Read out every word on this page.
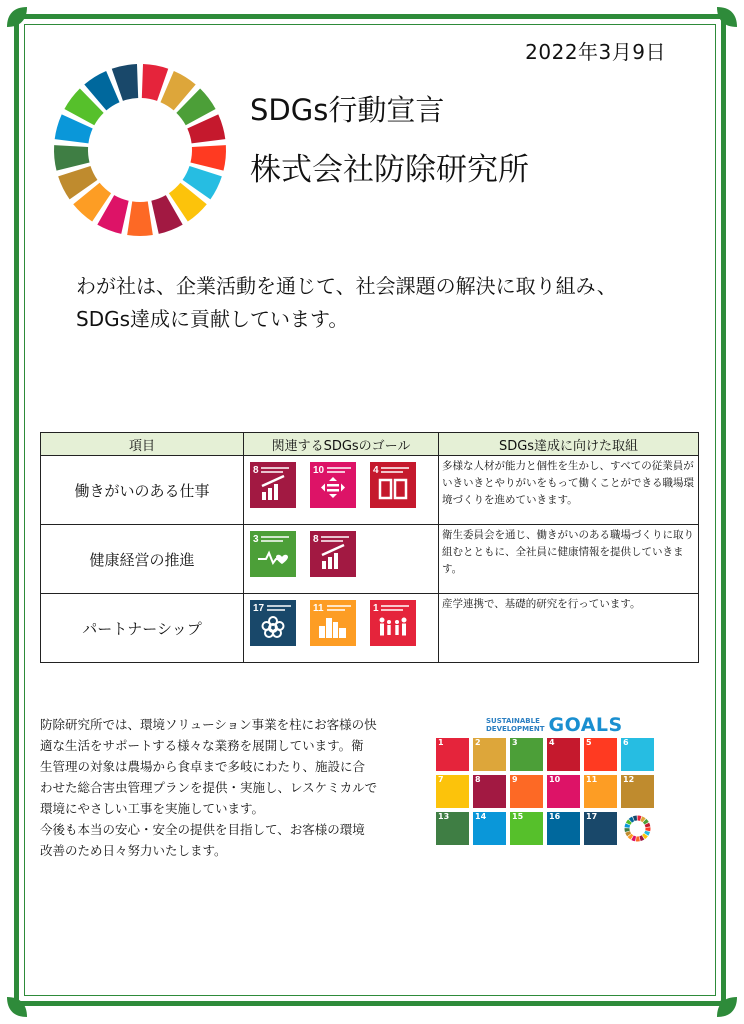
2022年3月9日
SDGs行動宣言
株式会社防除研究所
わが社は、企業活動を通じて、社会課題の解決に取り組み、
SDGs達成に貢献しています。
項目	関連するSDGsのゴール	SDGs達成に向けた取組
働きがいのある仕事	8 10 4	多様な人材が能力と個性を生かし、すべての従業員がいきいきとやりがいをもって働くことができる職場環境づくりを進めていきます。
健康経営の推進	3 8	衛生委員会を通じ、働きがいのある職場づくりに取り組むとともに、全社員に健康情報を提供していきます。
パートナーシップ	17 11 1	産学連携で、基礎的研究を行っています。
防除研究所では、環境ソリューション事業を柱にお客様の快
適な生活をサポートする様々な業務を展開しています。衛
生管理の対象は農場から食卓まで多岐にわたり、施設に合
わせた総合害虫管理プランを提供・実施し、レスケミカルで
環境にやさしい工事を実施しています。
今後も本当の安心・安全の提供を目指して、お客様の環境
改善のため日々努力いたします。
SUSTAINABLE
DEVELOPMENT GOALS
1	2	3	4	5	6
7	8	9	10	11	12
13	14	15	16	17
